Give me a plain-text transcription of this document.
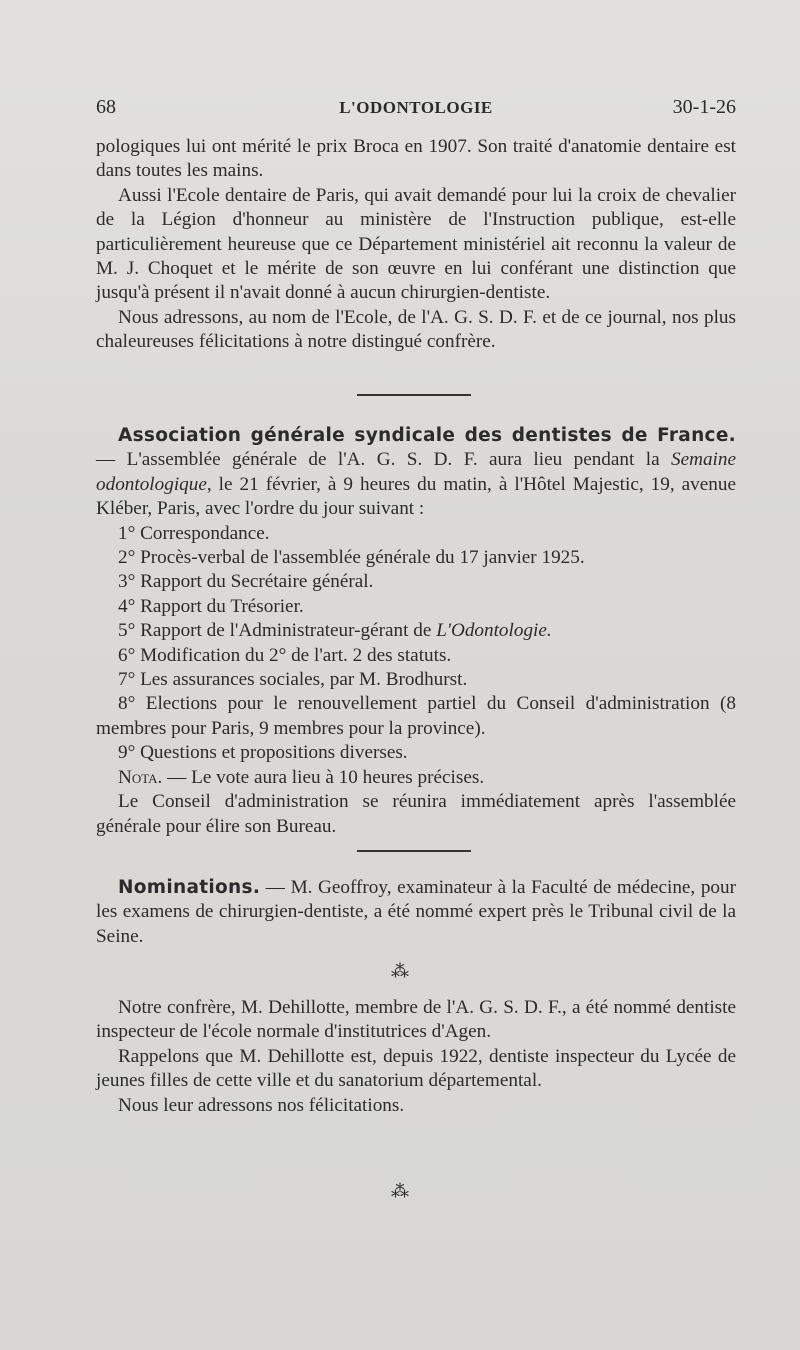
68	L'ODONTOLOGIE	30-1-26

pologiques lui ont mérité le prix Broca en 1907. Son traité d'anatomie dentaire est dans toutes les mains.

Aussi l'Ecole dentaire de Paris, qui avait demandé pour lui la croix de chevalier de la Légion d'honneur au ministère de l'Instruction publique, est-elle particulièrement heureuse que ce Département ministériel ait reconnu la valeur de M. J. Choquet et le mérite de son œuvre en lui conférant une distinction que jusqu'à présent il n'avait donné à aucun chirurgien-dentiste.

Nous adressons, au nom de l'Ecole, de l'A. G. S. D. F. et de ce journal, nos plus chaleureuses félicitations à notre distingué confrère.

Association générale syndicale des dentistes de France. — L'assemblée générale de l'A. G. S. D. F. aura lieu pendant la Semaine odontologique, le 21 février, à 9 heures du matin, à l'Hôtel Majestic, 19, avenue Kléber, Paris, avec l'ordre du jour suivant :

1° Correspondance.

2° Procès-verbal de l'assemblée générale du 17 janvier 1925.

3° Rapport du Secrétaire général.

4° Rapport du Trésorier.

5° Rapport de l'Administrateur-gérant de L'Odontologie.

6° Modification du 2° de l'art. 2 des statuts.

7° Les assurances sociales, par M. Brodhurst.

8° Elections pour le renouvellement partiel du Conseil d'administration (8 membres pour Paris, 9 membres pour la province).

9° Questions et propositions diverses.

Nota. — Le vote aura lieu à 10 heures précises.

Le Conseil d'administration se réunira immédiatement après l'assemblée générale pour élire son Bureau.

Nominations. — M. Geoffroy, examinateur à la Faculté de médecine, pour les examens de chirurgien-dentiste, a été nommé expert près le Tribunal civil de la Seine.

⁂

Notre confrère, M. Dehillotte, membre de l'A. G. S. D. F., a été nommé dentiste inspecteur de l'école normale d'institutrices d'Agen.

Rappelons que M. Dehillotte est, depuis 1922, dentiste inspecteur du Lycée de jeunes filles de cette ville et du sanatorium départemental.

Nous leur adressons nos félicitations.

⁂
